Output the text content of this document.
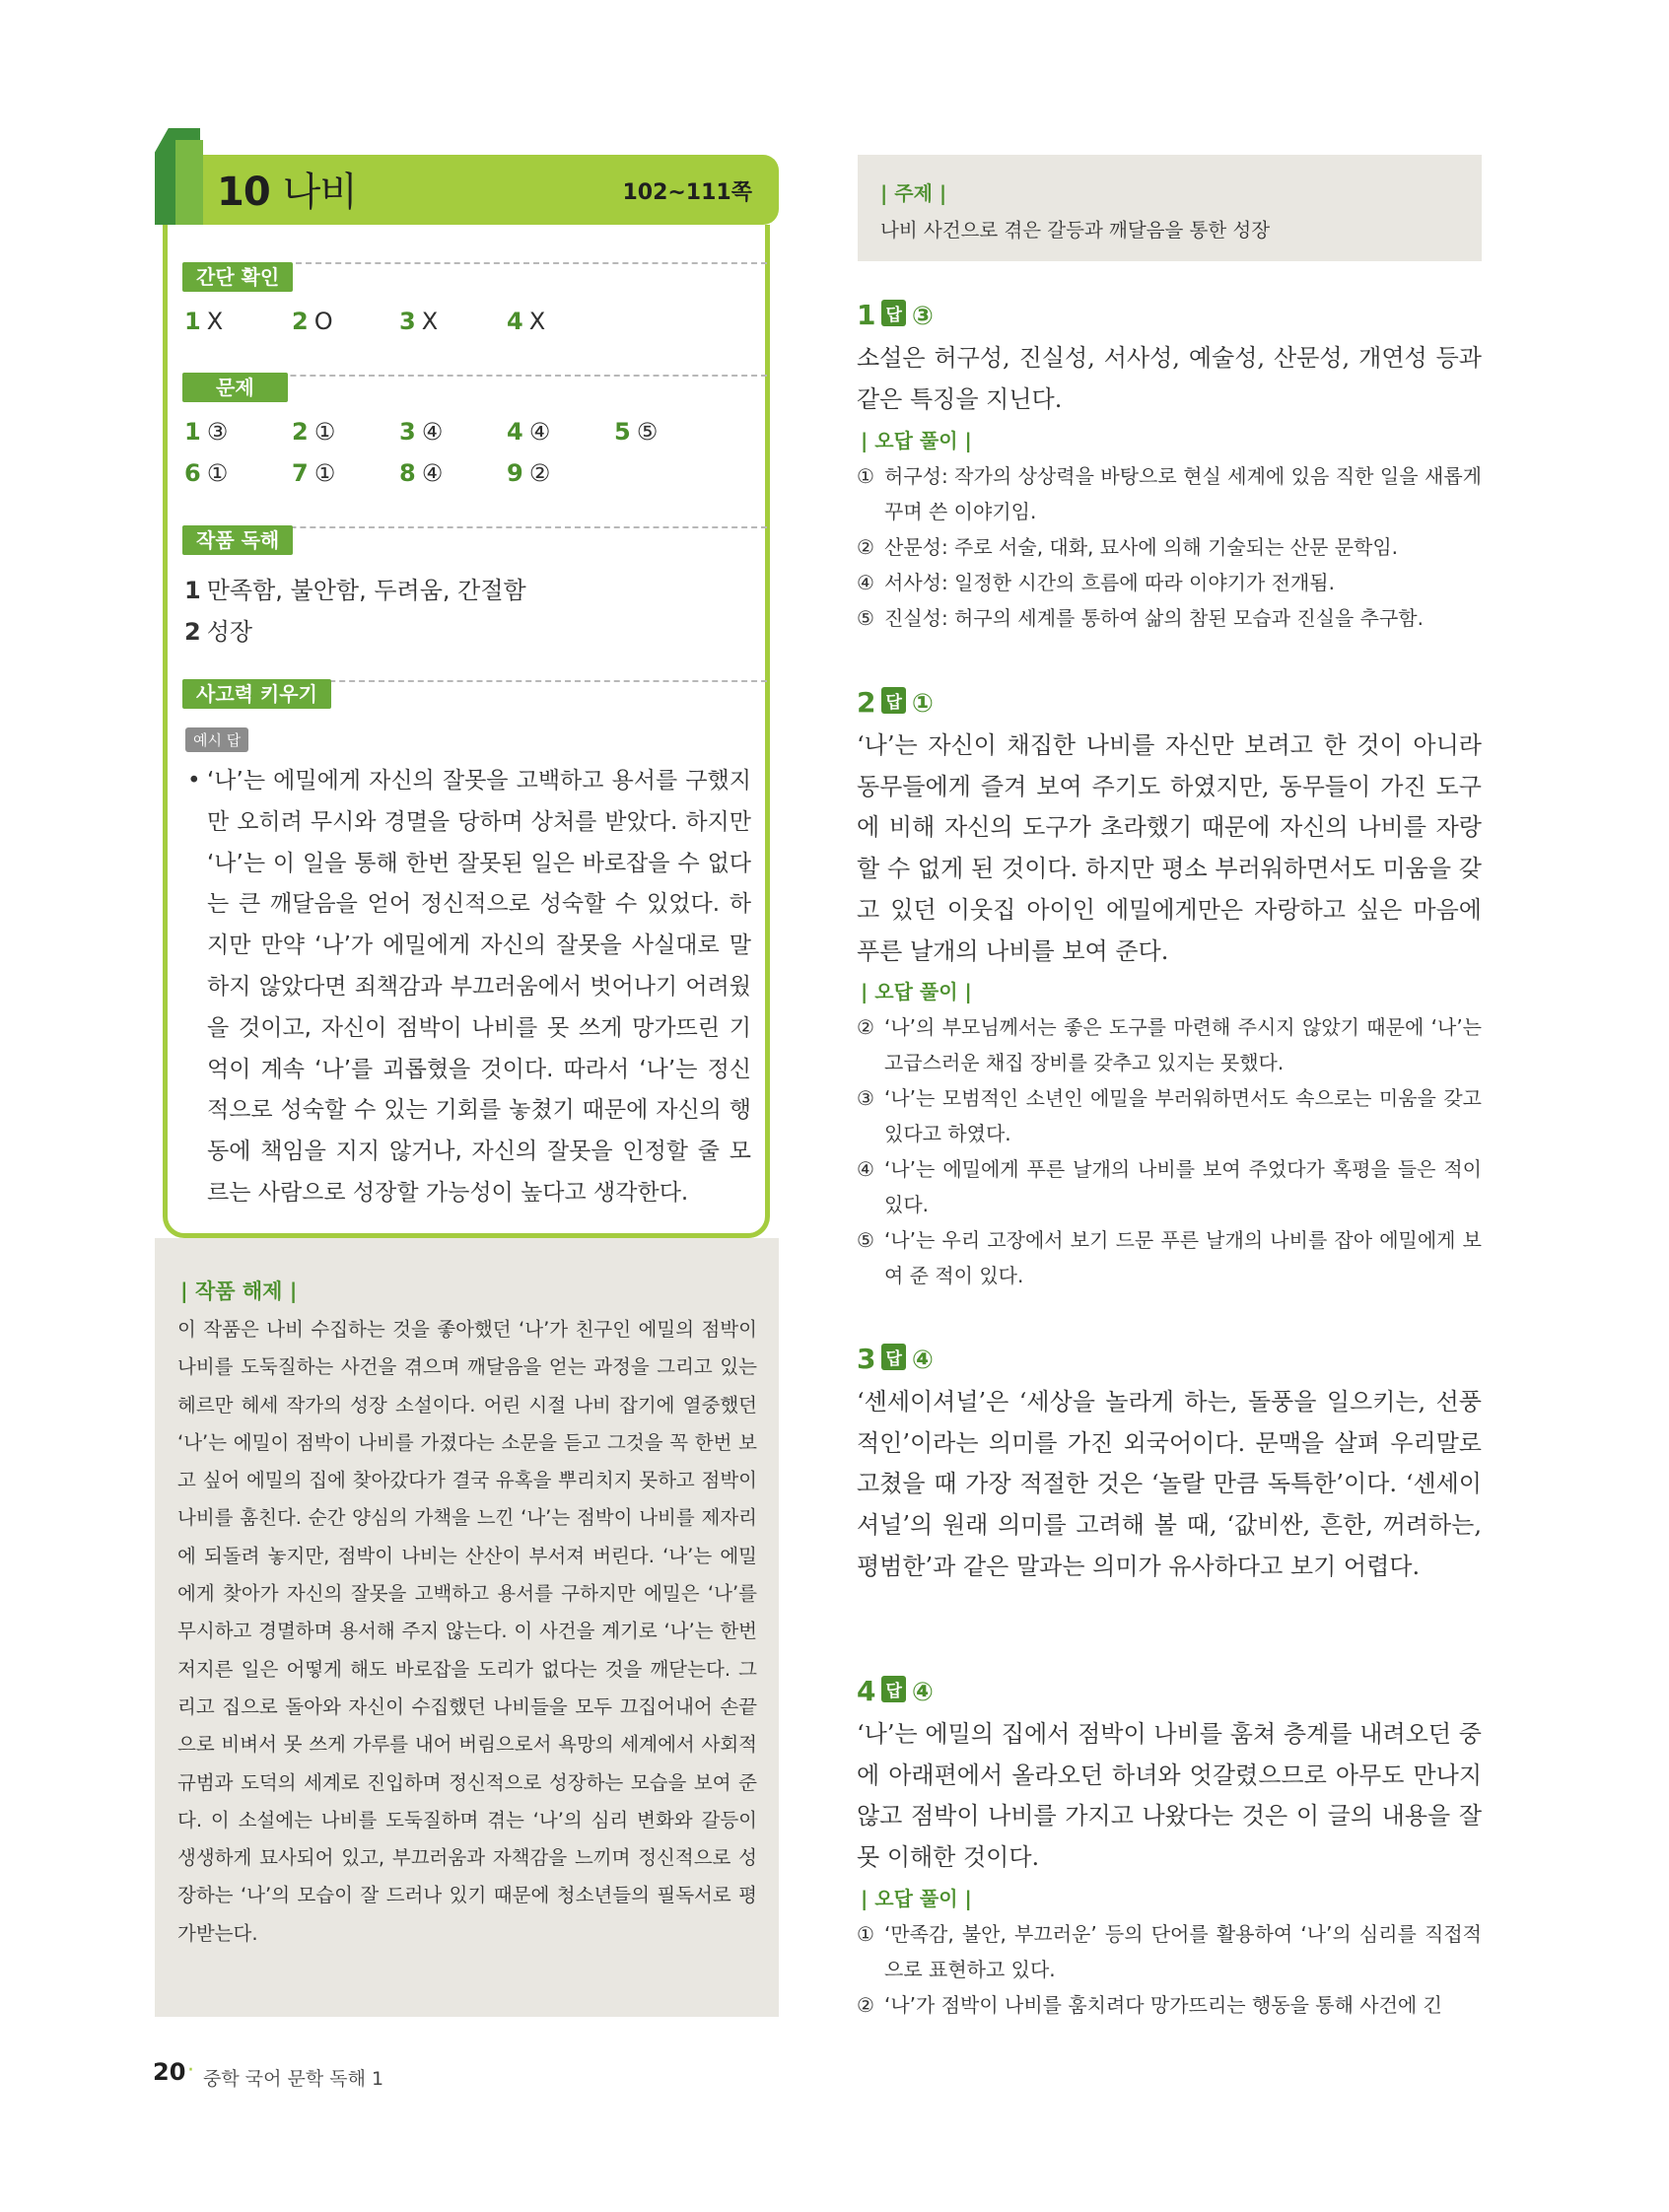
10 나비	102~111쪽
간단 확인
1 X	2 O	3 X	4 X
문제
1 ③	2 ①	3 ④	4 ④	5 ⑤
6 ①	7 ①	8 ④	9 ②
작품 독해
1 만족함, 불안함, 두려움, 간절함
2 성장
사고력 키우기
예시 답
• ‘나’는 에밀에게 자신의 잘못을 고백하고 용서를 구했지만 오히려 무시와 경멸을 당하며 상처를 받았다. 하지만 ‘나’는 이 일을 통해 한번 잘못된 일은 바로잡을 수 없다는 큰 깨달음을 얻어 정신적으로 성숙할 수 있었다. 하지만 만약 ‘나’가 에밀에게 자신의 잘못을 사실대로 말하지 않았다면 죄책감과 부끄러움에서 벗어나기 어려웠을 것이고, 자신이 점박이 나비를 못 쓰게 망가뜨린 기억이 계속 ‘나’를 괴롭혔을 것이다. 따라서 ‘나’는 정신적으로 성숙할 수 있는 기회를 놓쳤기 때문에 자신의 행동에 책임을 지지 않거나, 자신의 잘못을 인정할 줄 모르는 사람으로 성장할 가능성이 높다고 생각한다.
| 작품 해제 |
이 작품은 나비 수집하는 것을 좋아했던 ‘나’가 친구인 에밀의 점박이 나비를 도둑질하는 사건을 겪으며 깨달음을 얻는 과정을 그리고 있는 헤르만 헤세 작가의 성장 소설이다. 어린 시절 나비 잡기에 열중했던 ‘나’는 에밀이 점박이 나비를 가졌다는 소문을 듣고 그것을 꼭 한번 보고 싶어 에밀의 집에 찾아갔다가 결국 유혹을 뿌리치지 못하고 점박이 나비를 훔친다. 순간 양심의 가책을 느낀 ‘나’는 점박이 나비를 제자리에 되돌려 놓지만, 점박이 나비는 산산이 부서져 버린다. ‘나’는 에밀에게 찾아가 자신의 잘못을 고백하고 용서를 구하지만 에밀은 ‘나’를 무시하고 경멸하며 용서해 주지 않는다. 이 사건을 계기로 ‘나’는 한번 저지른 일은 어떻게 해도 바로잡을 도리가 없다는 것을 깨닫는다. 그리고 집으로 돌아와 자신이 수집했던 나비들을 모두 끄집어내어 손끝으로 비벼서 못 쓰게 가루를 내어 버림으로서 욕망의 세계에서 사회적 규범과 도덕의 세계로 진입하며 정신적으로 성장하는 모습을 보여 준다. 이 소설에는 나비를 도둑질하며 겪는 ‘나’의 심리 변화와 갈등이 생생하게 묘사되어 있고, 부끄러움과 자책감을 느끼며 정신적으로 성장하는 ‘나’의 모습이 잘 드러나 있기 때문에 청소년들의 필독서로 평가받는다.
20 · 중학 국어 문학 독해 1
| 주제 |
나비 사건으로 겪은 갈등과 깨달음을 통한 성장
1 답 ③
소설은 허구성, 진실성, 서사성, 예술성, 산문성, 개연성 등과 같은 특징을 지닌다.
| 오답 풀이 |
① 허구성: 작가의 상상력을 바탕으로 현실 세계에 있음 직한 일을 새롭게 꾸며 쓴 이야기임.
② 산문성: 주로 서술, 대화, 묘사에 의해 기술되는 산문 문학임.
④ 서사성: 일정한 시간의 흐름에 따라 이야기가 전개됨.
⑤ 진실성: 허구의 세계를 통하여 삶의 참된 모습과 진실을 추구함.
2 답 ①
‘나’는 자신이 채집한 나비를 자신만 보려고 한 것이 아니라 동무들에게 즐겨 보여 주기도 하였지만, 동무들이 가진 도구에 비해 자신의 도구가 초라했기 때문에 자신의 나비를 자랑할 수 없게 된 것이다. 하지만 평소 부러워하면서도 미움을 갖고 있던 이웃집 아이인 에밀에게만은 자랑하고 싶은 마음에 푸른 날개의 나비를 보여 준다.
| 오답 풀이 |
② ‘나’의 부모님께서는 좋은 도구를 마련해 주시지 않았기 때문에 ‘나’는 고급스러운 채집 장비를 갖추고 있지는 못했다.
③ ‘나’는 모범적인 소년인 에밀을 부러워하면서도 속으로는 미움을 갖고 있다고 하였다.
④ ‘나’는 에밀에게 푸른 날개의 나비를 보여 주었다가 혹평을 들은 적이 있다.
⑤ ‘나’는 우리 고장에서 보기 드문 푸른 날개의 나비를 잡아 에밀에게 보여 준 적이 있다.
3 답 ④
‘센세이셔널’은 ‘세상을 놀라게 하는, 돌풍을 일으키는, 선풍적인’이라는 의미를 가진 외국어이다. 문맥을 살펴 우리말로 고쳤을 때 가장 적절한 것은 ‘놀랄 만큼 독특한’이다. ‘센세이셔널’의 원래 의미를 고려해 볼 때, ‘값비싼, 흔한, 꺼려하는, 평범한’과 같은 말과는 의미가 유사하다고 보기 어렵다.
4 답 ④
‘나’는 에밀의 집에서 점박이 나비를 훔쳐 층계를 내려오던 중에 아래편에서 올라오던 하녀와 엇갈렸으므로 아무도 만나지 않고 점박이 나비를 가지고 나왔다는 것은 이 글의 내용을 잘못 이해한 것이다.
| 오답 풀이 |
① ‘만족감, 불안, 부끄러운’ 등의 단어를 활용하여 ‘나’의 심리를 직접적으로 표현하고 있다.
② ‘나’가 점박이 나비를 훔치려다 망가뜨리는 행동을 통해 사건에 긴
